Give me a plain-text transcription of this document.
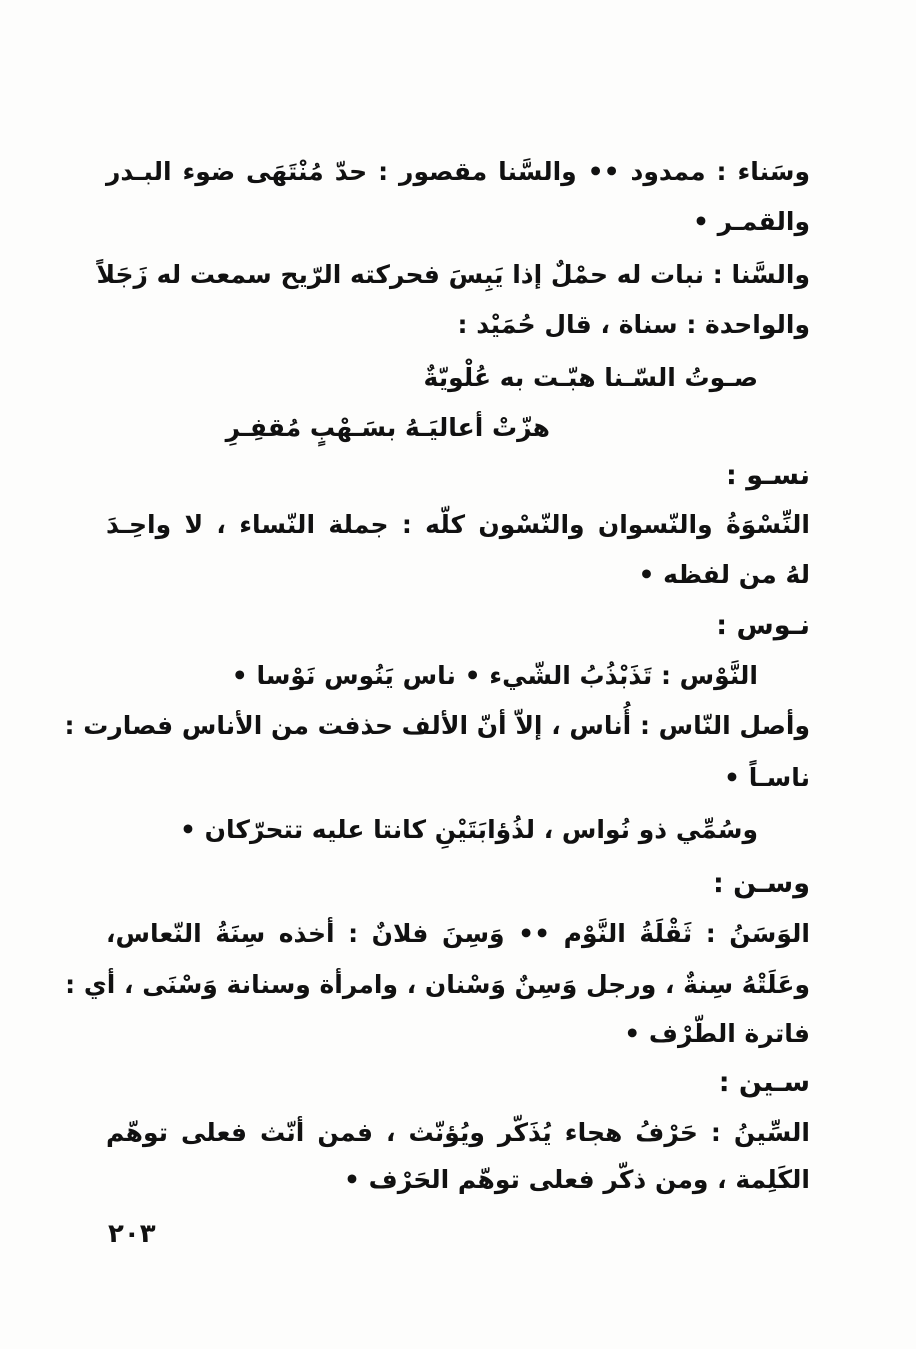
وسَناء : ممدود •• والسَّنا مقصور : حدّ مُنْتَهَى ضوء البـدر
والقمـر •
والسَّنا : نبات له حمْلٌ إذا يَبِسَ فحركته الرّيح سمعت له زَجَلاً
والواحدة : سناة ، قال حُمَيْد :
صـوتُ السّـنا هبّـت به عُلْويّةٌ
هزّتْ أعاليَـهُ بسَـهْبٍ مُقفِـرِ
نسـو :
النِّسْوَةُ والنّسوان والنّسْون كلّه : جملة النّساء ، لا واحِـدَ
لهُ من لفظه •
نـوس :
النَّوْس : تَذَبْذُبُ الشّيء • ناس يَنُوس نَوْسا •
وأصل النّاس : أُناس ، إلاّ أنّ الألف حذفت من الأناس فصارت :
ناسـاً •
وسُمِّي ذو نُواس ، لذُؤابَتَيْنِ كانتا عليه تتحرّكان •
وسـن :
الوَسَنُ : ثَقْلَةُ النَّوْم •• وَسِنَ فلانٌ : أخذه سِنَةُ النّعاس،
وعَلَتْهُ سِنةٌ ، ورجل وَسِنٌ وَسْنان ، وامرأة وسنانة وَسْنَى ، أي :
فاترة الطّرْف •
سـين :
السِّينُ : حَرْفُ هجاء يُذَكّر ويُؤنّث ، فمن أنّث فعلى توهّم
الكَلِمة ، ومن ذكّر فعلى توهّم الحَرْف •
٢٠٣
